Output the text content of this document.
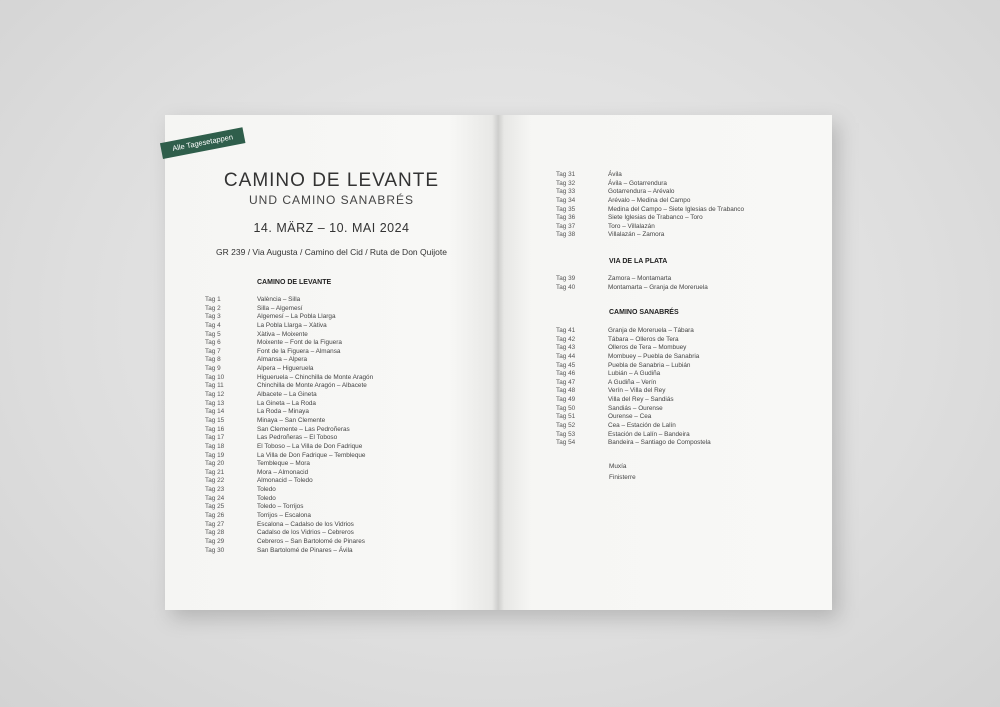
Alle Tagesetappen
CAMINO DE LEVANTE
UND CAMINO SANABRÉS
14. MÄRZ – 10. MAI 2024
GR 239 / Via Augusta / Camino del Cid / Ruta de Don Quijote
CAMINO DE LEVANTE
Tag 1	València – Silla
Tag 2	Silla – Algemesí
Tag 3	Algemesí – La Pobla Llarga
Tag 4	La Pobla Llarga – Xàtiva
Tag 5	Xàtiva – Moixente
Tag 6	Moixente – Font de la Figuera
Tag 7	Font de la Figuera – Almansa
Tag 8	Almansa – Alpera
Tag 9	Alpera – Higueruela
Tag 10	Higueruela – Chinchilla de Monte Aragón
Tag 11	Chinchilla de Monte Aragón – Albacete
Tag 12	Albacete – La Gineta
Tag 13	La Gineta – La Roda
Tag 14	La Roda – Minaya
Tag 15	Minaya – San Clemente
Tag 16	San Clemente – Las Pedroñeras
Tag 17	Las Pedroñeras – El Toboso
Tag 18	El Toboso – La Villa de Don Fadrique
Tag 19	La Villa de Don Fadrique – Tembleque
Tag 20	Tembleque – Mora
Tag 21	Mora – Almonacid
Tag 22	Almonacid – Toledo
Tag 23	Toledo
Tag 24	Toledo
Tag 25	Toledo – Torrijos
Tag 26	Torrijos – Escalona
Tag 27	Escalona – Cadalso de los Vidrios
Tag 28	Cadalso de los Vidrios – Cebreros
Tag 29	Cebreros – San Bartolomé de Pinares
Tag 30	San Bartolomé de Pinares – Ávila
Tag 31	Ávila
Tag 32	Ávila – Gotarrendura
Tag 33	Gotarrendura – Arévalo
Tag 34	Arévalo – Medina del Campo
Tag 35	Medina del Campo – Siete Iglesias de Trabanco
Tag 36	Siete Iglesias de Trabanco – Toro
Tag 37	Toro – Villalazán
Tag 38	Villalazán – Zamora
VIA DE LA PLATA
Tag 39	Zamora – Montamarta
Tag 40	Montamarta – Granja de Moreruela
CAMINO SANABRÉS
Tag 41	Granja de Moreruela – Tábara
Tag 42	Tábara – Olleros de Tera
Tag 43	Olleros de Tera – Mombuey
Tag 44	Mombuey – Puebla de Sanabria
Tag 45	Puebla de Sanabria – Lubián
Tag 46	Lubián – A Gudiña
Tag 47	A Gudiña – Verín
Tag 48	Verín – Villa del Rey
Tag 49	Villa del Rey – Sandiás
Tag 50	Sandiás – Ourense
Tag 51	Ourense – Cea
Tag 52	Cea – Estación de Lalín
Tag 53	Estación de Lalín – Bandeira
Tag 54	Bandeira – Santiago de Compostela
Muxía
Finisterre
